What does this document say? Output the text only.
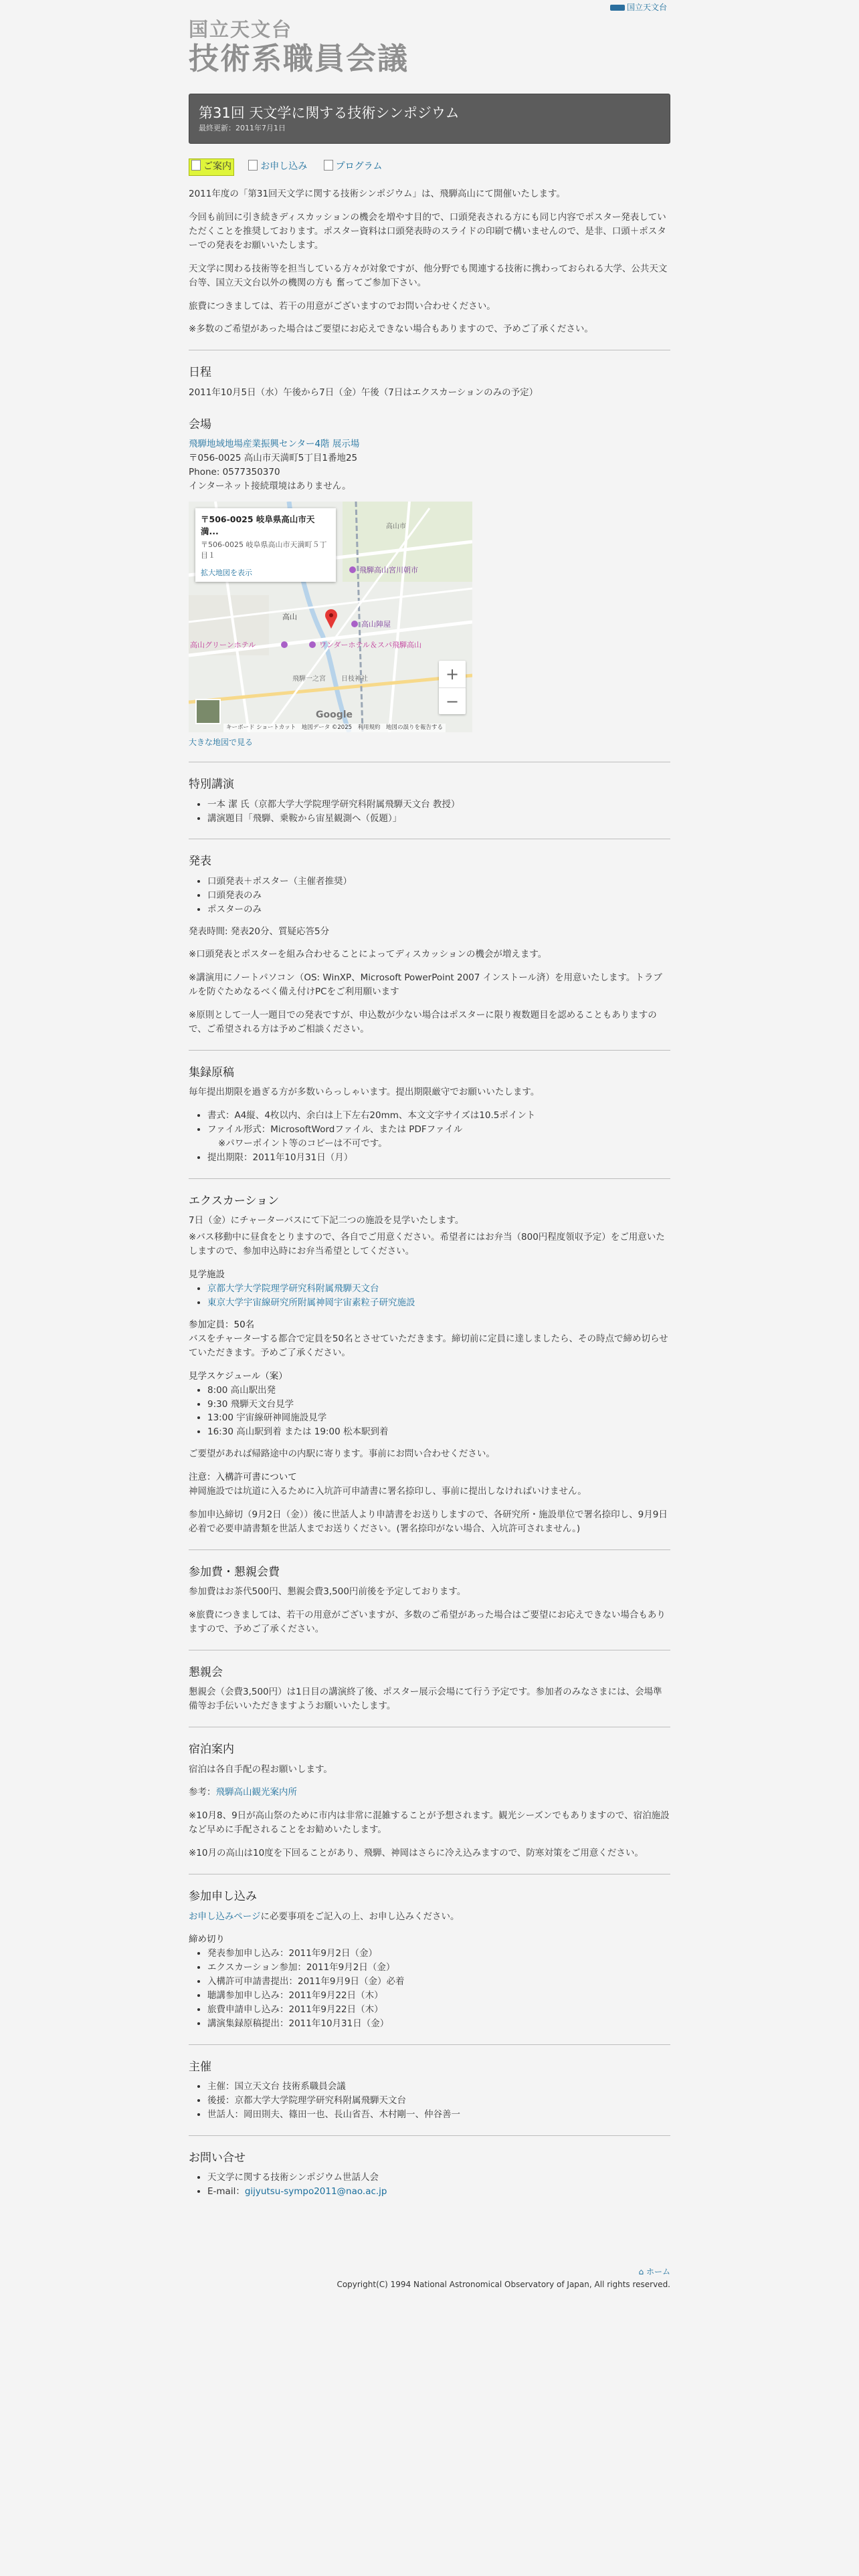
国立天文台
国立天文台
技術系職員会議
第31回 天文学に関する技術シンポジウム
最終更新：2011年7月1日
ご案内	お申し込み	プログラム

2011年度の「第31回天文学に関する技術シンポジウム」は、飛騨高山にて開催いたします。

今回も前回に引き続きディスカッションの機会を増やす目的で、口頭発表される方にも同じ内容でポスター発表していただくことを推奨しております。ポスター資料は口頭発表時のスライドの印刷で構いませんので、是非、口頭＋ポスターでの発表をお願いいたします。

天文学に関わる技術等を担当している方々が対象ですが、他分野でも関連する技術に携わっておられる大学、公共天文台等、国立天文台以外の機関の方も 奮ってご参加下さい。

旅費につきましては、若干の用意がございますのでお問い合わせください。

※多数のご希望があった場合はご要望にお応えできない場合もありますので、予めご了承ください。

日程

2011年10月5日（水）午後から7日（金）午後（7日はエクスカーションのみの予定）

会場
飛騨地域地場産業振興センター4階 展示場
〒056-0025 高山市天満町5丁目1番地25
Phone: 0577350370
インターネット接続環境はありません。
飛騨高山宮川朝市
高山陣屋
高山グリーンホテル	ワンダーホテル＆スパ飛騨高山
飛騨一之宮 日枝神社
高山
高山市
〒506-0025 岐阜県高山市天満...
〒506-0025 岐阜県高山市天満町５丁目１
拡大地図を表示
+
−
Google
キーボード ショートカット　地図データ ©2025　利用規約　地図の誤りを報告する
大きな地図で見る
特別講演
• 一本 潔 氏（京都大学大学院理学研究科附属飛騨天文台 教授）
• 講演題目「飛騨、乗鞍から宙星観測へ（仮題）」
発表
• 口頭発表＋ポスター（主催者推奨）
• 口頭発表のみ
• ポスターのみ

発表時間: 発表20分、質疑応答5分

※口頭発表とポスターを組み合わせることによってディスカッションの機会が増えます。

※講演用にノートパソコン（OS: WinXP、Microsoft PowerPoint 2007 インストール済）を用意いたします。トラブルを防ぐためなるべく備え付けPCをご利用願います

※原則として一人一題目での発表ですが、申込数が少ない場合はポスターに限り複数題目を認めることもありますので、ご希望される方は予めご相談ください。

集録原稿

毎年提出期限を過ぎる方が多数いらっしゃいます。提出期限厳守でお願いいたします。

• 書式：A4縦、4枚以内、余白は上下左右20mm、本文文字サイズは10.5ポイント
• ファイル形式：MicrosoftWordファイル、または PDFファイル
※パワーポイント等のコピーは不可です。
• 提出期限：2011年10月31日（月）
エクスカーション

7日（金）にチャーターバスにて下記二つの施設を見学いたします。

※バス移動中に昼食をとりますので、各自でご用意ください。希望者にはお弁当（800円程度領収予定）をご用意いたしますので、参加申込時にお弁当希望としてください。

見学施設
• 京都大学大学院理学研究科附属飛騨天文台
• 東京大学宇宙線研究所附属神岡宇宙素粒子研究施設
参加定員：50名

バスをチャーターする都合で定員を50名とさせていただきます。締切前に定員に達しましたら、その時点で締め切らせていただきます。予めご了承ください。

見学スケジュール（案）
• 8:00 高山駅出発
• 9:30 飛騨天文台見学
• 13:00 宇宙線研神岡施設見学
• 16:30 高山駅到着 または 19:00 松本駅到着

ご要望があれば帰路途中の内駅に寄ります。事前にお問い合わせください。

注意：入構許可書について

神岡施設では坑道に入るために入坑許可申請書に署名捺印し、事前に提出しなければいけません。

参加申込締切（9月2日（金））後に世話人より申請書をお送りしますので、各研究所・施設単位で署名捺印し、9月9日必着で必要申請書類を世話人までお送りください。(署名捺印がない場合、入坑許可されません。)

参加費・懇親会費

参加費はお茶代500円、懇親会費3,500円前後を予定しております。

※旅費につきましては、若干の用意がございますが、多数のご希望があった場合はご要望にお応えできない場合もありますので、予めご了承ください。

懇親会

懇親会（会費3,500円）は1日目の講演終了後、ポスター展示会場にて行う予定です。参加者のみなさまには、会場準備等お手伝いいただきますようお願いいたします。

宿泊案内

宿泊は各自手配の程お願いします。

参考：飛騨高山観光案内所

※10月8、9日が高山祭のために市内は非常に混雑することが予想されます。観光シーズンでもありますので、宿泊施設など早めに手配されることをお勧めいたします。

※10月の高山は10度を下回ることがあり、飛騨、神岡はさらに冷え込みますので、防寒対策をご用意ください。

参加申し込み

お申し込みページに必要事項をご記入の上、お申し込みください。

締め切り
• 発表参加申し込み：2011年9月2日（金）
• エクスカーション参加：2011年9月2日（金）
• 入構許可申請書提出：2011年9月9日（金）必着
• 聴講参加申し込み：2011年9月22日（木）
• 旅費申請申し込み：2011年9月22日（木）
• 講演集録原稿提出：2011年10月31日（金）
主催
• 主催：国立天文台 技術系職員会議
• 後援：京都大学大学院理学研究科附属飛騨天文台
• 世話人：岡田則夫、篠田一也、長山省吾、木村剛一、仲谷善一
お問い合せ
• 天文学に関する技術シンポジウム世話人会
• E-mail：gijyutsu-sympo2011@nao.ac.jp
⌂ ホーム
Copyright(C) 1994 National Astronomical Observatory of Japan, All rights reserved.
